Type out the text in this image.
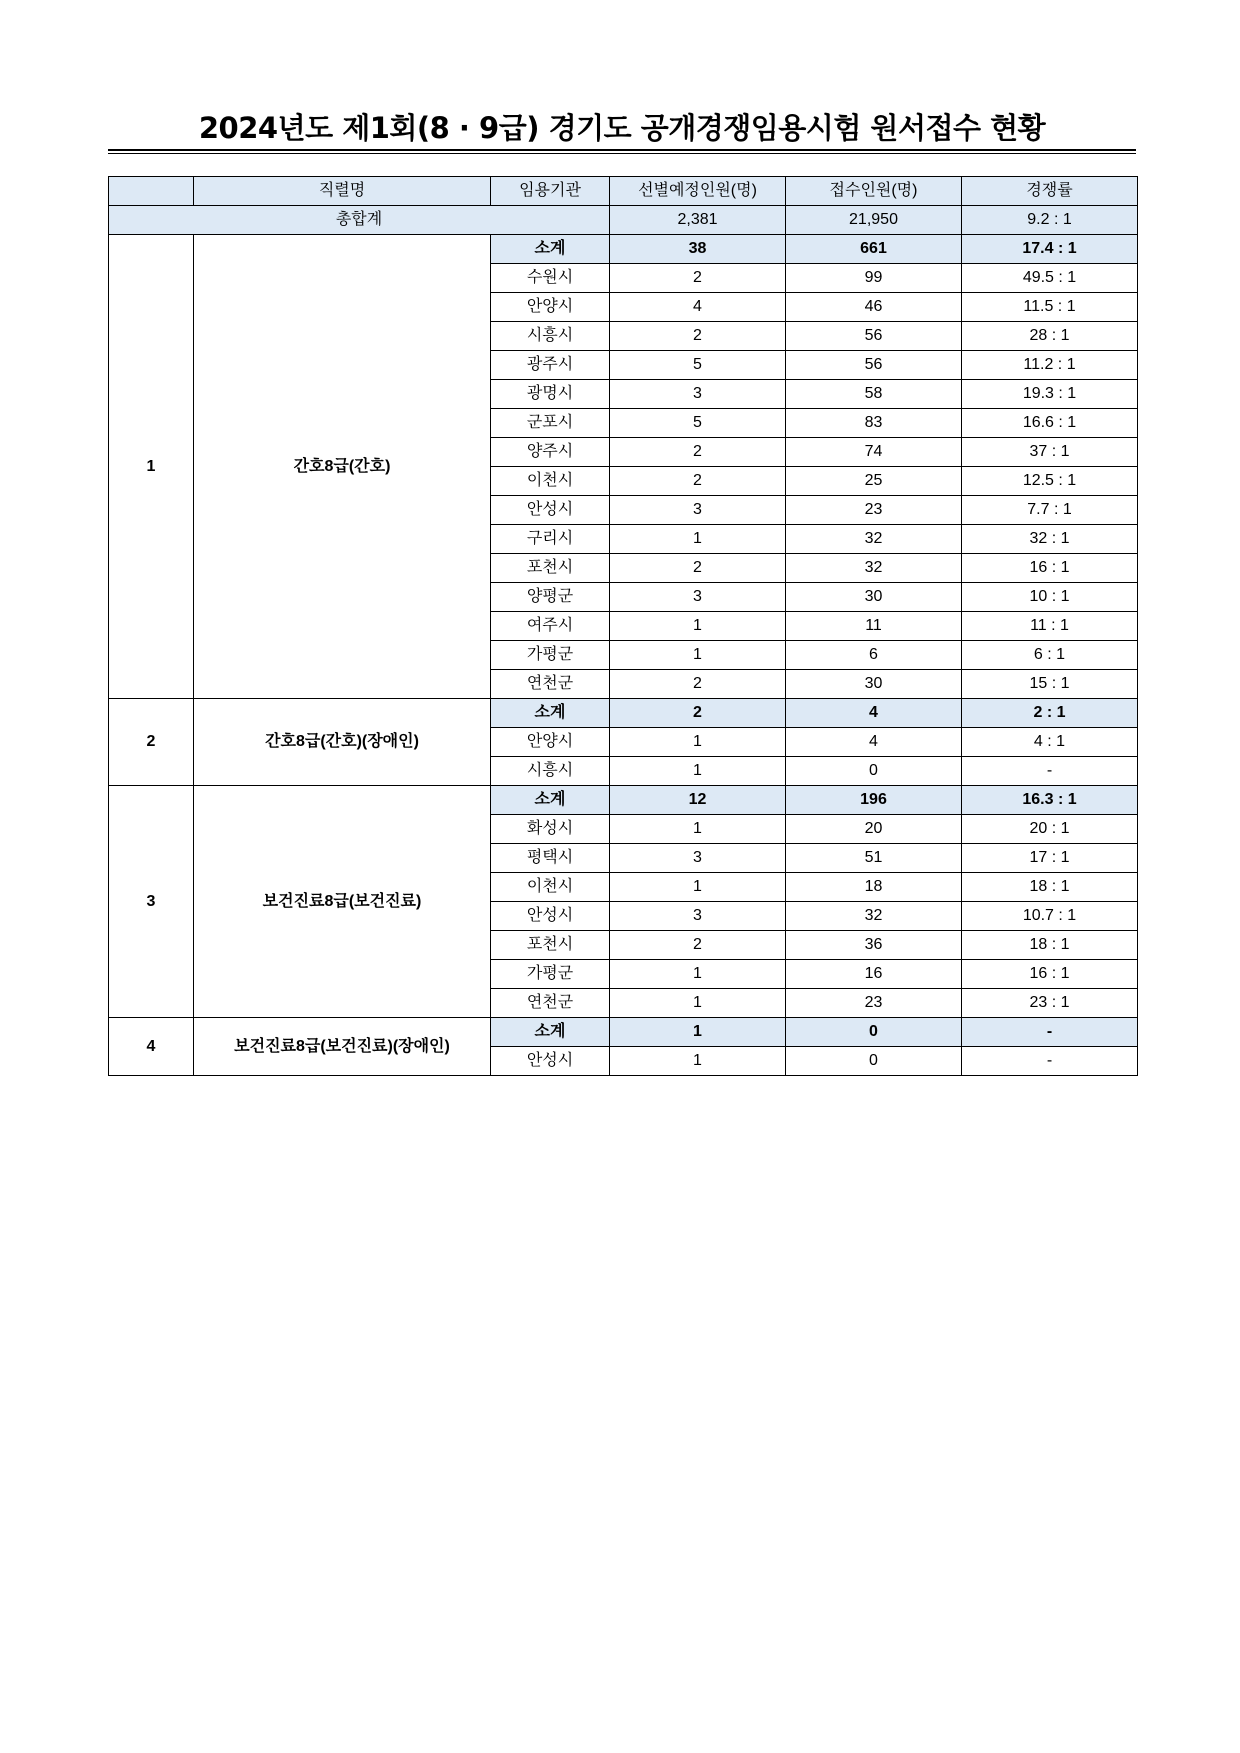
2024년도 제1회(8 · 9급) 경기도 공개경쟁임용시험 원서접수 현황
	직렬명	임용기관	선별예정인원(명)	접수인원(명)	경쟁률
총합계			2,381	21,950	9.2 : 1
1	간호8급(간호)	소계	38	661	17.4 : 1
		수원시	2	99	49.5 : 1
		안양시	4	46	11.5 : 1
		시흥시	2	56	28 : 1
		광주시	5	56	11.2 : 1
		광명시	3	58	19.3 : 1
		군포시	5	83	16.6 : 1
		양주시	2	74	37 : 1
		이천시	2	25	12.5 : 1
		안성시	3	23	7.7 : 1
		구리시	1	32	32 : 1
		포천시	2	32	16 : 1
		양평군	3	30	10 : 1
		여주시	1	11	11 : 1
		가평군	1	6	6 : 1
		연천군	2	30	15 : 1
2	간호8급(간호)(장애인)	소계	2	4	2 : 1
		안양시	1	4	4 : 1
		시흥시	1	0	-
3	보건진료8급(보건진료)	소계	12	196	16.3 : 1
		화성시	1	20	20 : 1
		평택시	3	51	17 : 1
		이천시	1	18	18 : 1
		안성시	3	32	10.7 : 1
		포천시	2	36	18 : 1
		가평군	1	16	16 : 1
		연천군	1	23	23 : 1
4	보건진료8급(보건진료)(장애인)	소계	1	0	-
		안성시	1	0	-
